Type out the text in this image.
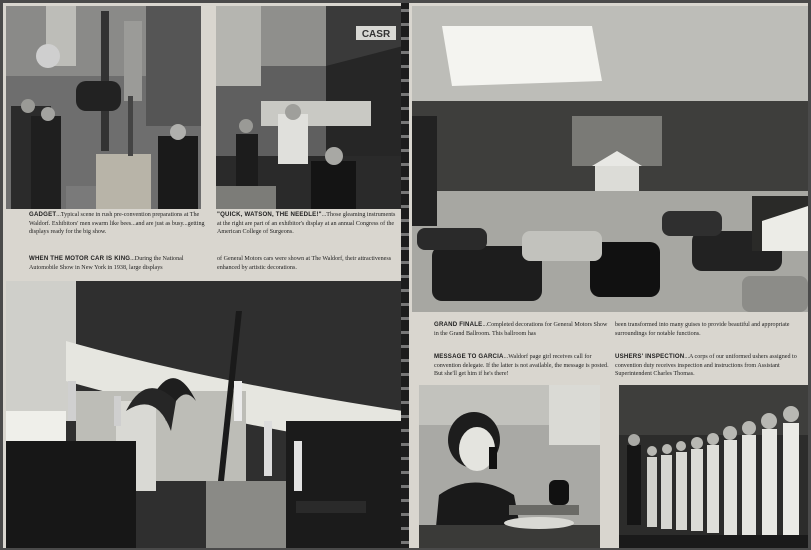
CASR

GADGET...Typical scene in rush pre-convention preparations at The Waldorf. Exhibitors' men swarm like bees...and are just as busy...getting displays ready for the big show.

"QUICK, WATSON, THE NEEDLE!"...Those gleaming instruments at the right are part of an exhibitor's display at an annual Congress of the American College of Surgeons.

WHEN THE MOTOR CAR IS KING...During the National Automobile Show in New York in 1938, large displays

of General Motors cars were shown at The Waldorf, their attractiveness enhanced by artistic decorations.

GRAND FINALE...Completed decorations for General Motors Show in the Grand Ballroom. This ballroom has

been transformed into many guises to provide beautiful and appropriate surroundings for notable functions.

MESSAGE TO GARCIA...Waldorf page girl receives call for convention delegate. If the latter is not available, the message is posted. But she'll get him if he's there!

USHERS' INSPECTION...A corps of our uniformed ushers assigned to convention duty receives inspection and instructions from Assistant Superintendent Charles Thomas.
